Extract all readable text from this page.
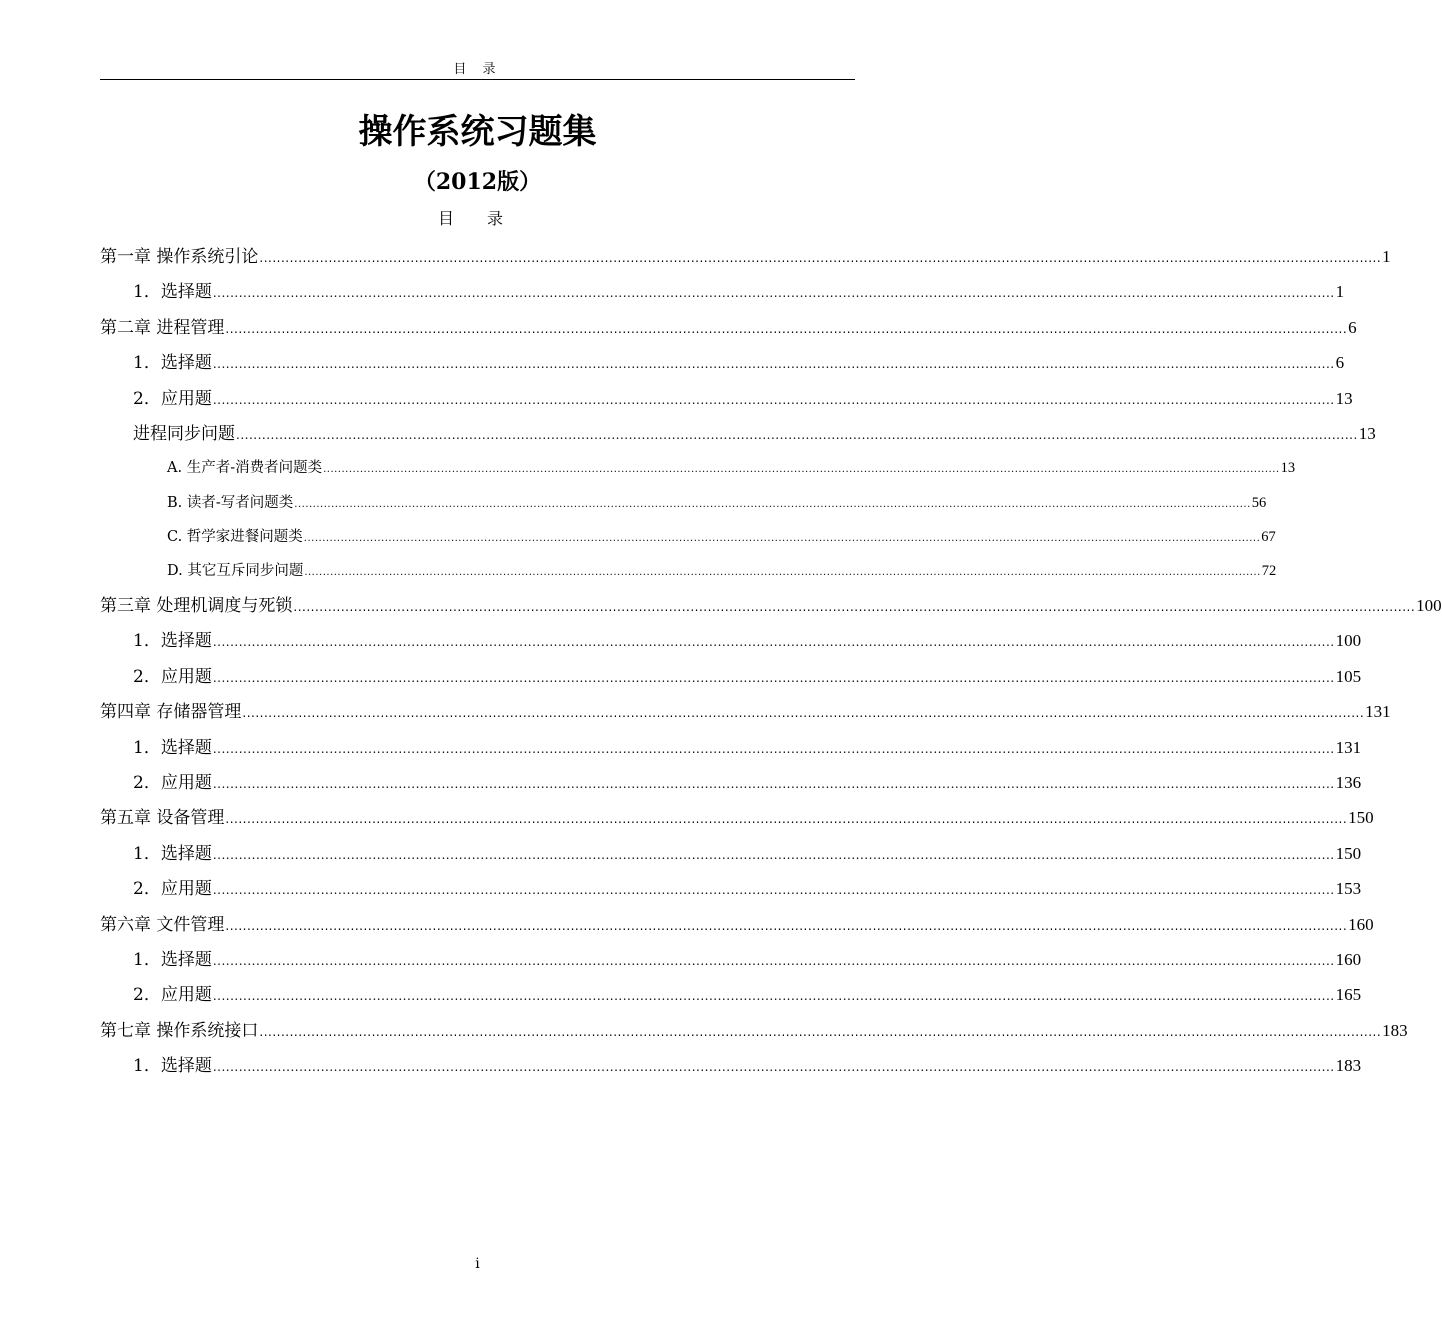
目 录
操作系统习题集
（2012版）
目 录
第一章 操作系统引论 .................................................................................................................................................................................................................................................................... 1
1．选择题 .................................................................................................................................................................................................................................................................... 1
第二章 进程管理 .................................................................................................................................................................................................................................................................... 6
1．选择题 .................................................................................................................................................................................................................................................................... 6
2．应用题 .................................................................................................................................................................................................................................................................... 13
进程同步问题 .................................................................................................................................................................................................................................................................... 13
A. 生产者-消费者问题类 .................................................................................................................................................................................................................................................................... 13
B. 读者-写者问题类 .................................................................................................................................................................................................................................................................... 56
C. 哲学家进餐问题类 .................................................................................................................................................................................................................................................................... 67
D. 其它互斥同步问题 .................................................................................................................................................................................................................................................................... 72
第三章 处理机调度与死锁 .................................................................................................................................................................................................................................................................... 100
1．选择题 .................................................................................................................................................................................................................................................................... 100
2．应用题 .................................................................................................................................................................................................................................................................... 105
第四章 存储器管理 .................................................................................................................................................................................................................................................................... 131
1．选择题 .................................................................................................................................................................................................................................................................... 131
2．应用题 .................................................................................................................................................................................................................................................................... 136
第五章 设备管理 .................................................................................................................................................................................................................................................................... 150
1．选择题 .................................................................................................................................................................................................................................................................... 150
2．应用题 .................................................................................................................................................................................................................................................................... 153
第六章 文件管理 .................................................................................................................................................................................................................................................................... 160
1．选择题 .................................................................................................................................................................................................................................................................... 160
2．应用题 .................................................................................................................................................................................................................................................................... 165
第七章 操作系统接口 .................................................................................................................................................................................................................................................................... 183
1．选择题 .................................................................................................................................................................................................................................................................... 183
i
